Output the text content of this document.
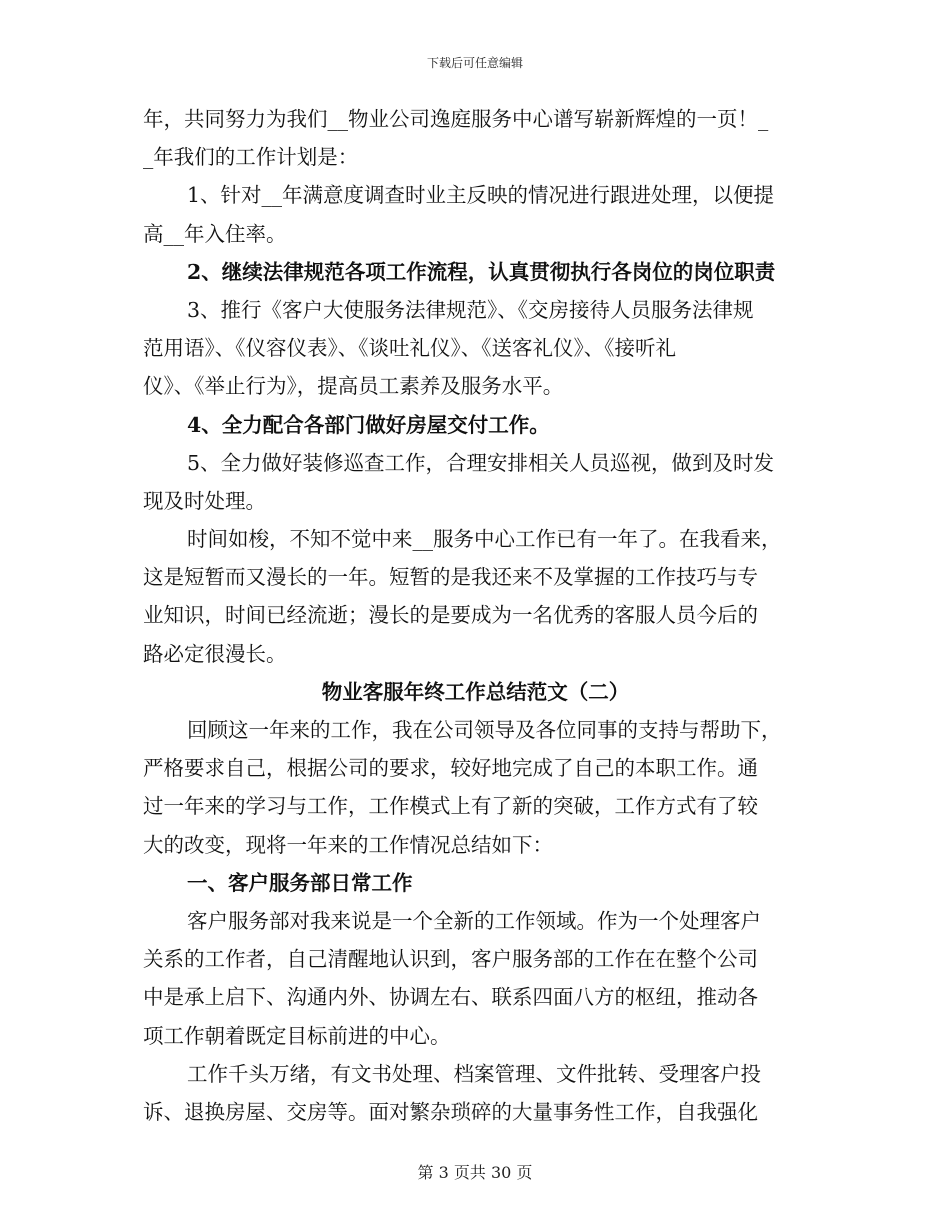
下载后可任意编辑
年，共同努力为我们__物业公司逸庭服务中心谱写崭新辉煌的一页！_
_年我们的工作计划是：
1、针对__年满意度调查时业主反映的情况进行跟进处理，以便提
高__年入住率。
2、继续法律规范各项工作流程，认真贯彻执行各岗位的岗位职责
3、推行《客户大使服务法律规范》、《交房接待人员服务法律规
范用语》、《仪容仪表》、《谈吐礼仪》、《送客礼仪》、《接听礼
仪》、《举止行为》，提高员工素养及服务水平。
4、全力配合各部门做好房屋交付工作。
5、全力做好装修巡查工作，合理安排相关人员巡视，做到及时发
现及时处理。
时间如梭，不知不觉中来__服务中心工作已有一年了。在我看来，
这是短暂而又漫长的一年。短暂的是我还来不及掌握的工作技巧与专
业知识，时间已经流逝；漫长的是要成为一名优秀的客服人员今后的
路必定很漫长。
物业客服年终工作总结范文（二）
回顾这一年来的工作，我在公司领导及各位同事的支持与帮助下，
严格要求自己，根据公司的要求，较好地完成了自己的本职工作。通
过一年来的学习与工作，工作模式上有了新的突破，工作方式有了较
大的改变，现将一年来的工作情况总结如下：
一、客户服务部日常工作
客户服务部对我来说是一个全新的工作领域。作为一个处理客户
关系的工作者，自己清醒地认识到，客户服务部的工作在在整个公司
中是承上启下、沟通内外、协调左右、联系四面八方的枢纽，推动各
项工作朝着既定目标前进的中心。
工作千头万绪，有文书处理、档案管理、文件批转、受理客户投
诉、退换房屋、交房等。面对繁杂琐碎的大量事务性工作，自我强化
第 3 页共 30 页
